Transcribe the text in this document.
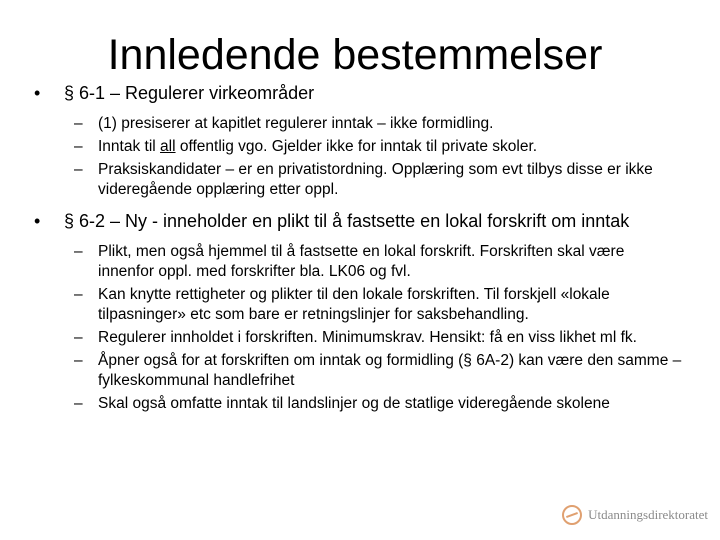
Innledende bestemmelser
• § 6-1 – Regulerer virkeområder
– (1) presiserer at kapitlet regulerer inntak – ikke formidling.
– Inntak til all offentlig vgo. Gjelder ikke for inntak til private skoler.
– Praksiskandidater – er en privatistordning. Opplæring som evt tilbys disse er ikke videregående opplæring etter oppl.
• § 6-2 – Ny - inneholder en plikt til å fastsette en lokal forskrift om inntak
– Plikt, men også hjemmel til å fastsette en lokal forskrift. Forskriften skal være innenfor oppl. med forskrifter bla. LK06 og fvl.
– Kan knytte rettigheter og plikter til den lokale forskriften. Til forskjell «lokale tilpasninger» etc som bare er retningslinjer for saksbehandling.
– Regulerer innholdet i forskriften. Minimumskrav. Hensikt: få en viss likhet ml fk.
– Åpner også for at forskriften om inntak og formidling (§ 6A-2) kan være den samme – fylkeskommunal handlefrihet
– Skal også omfatte inntak til landslinjer og de statlige videregående skolene
Utdanningsdirektoratet
